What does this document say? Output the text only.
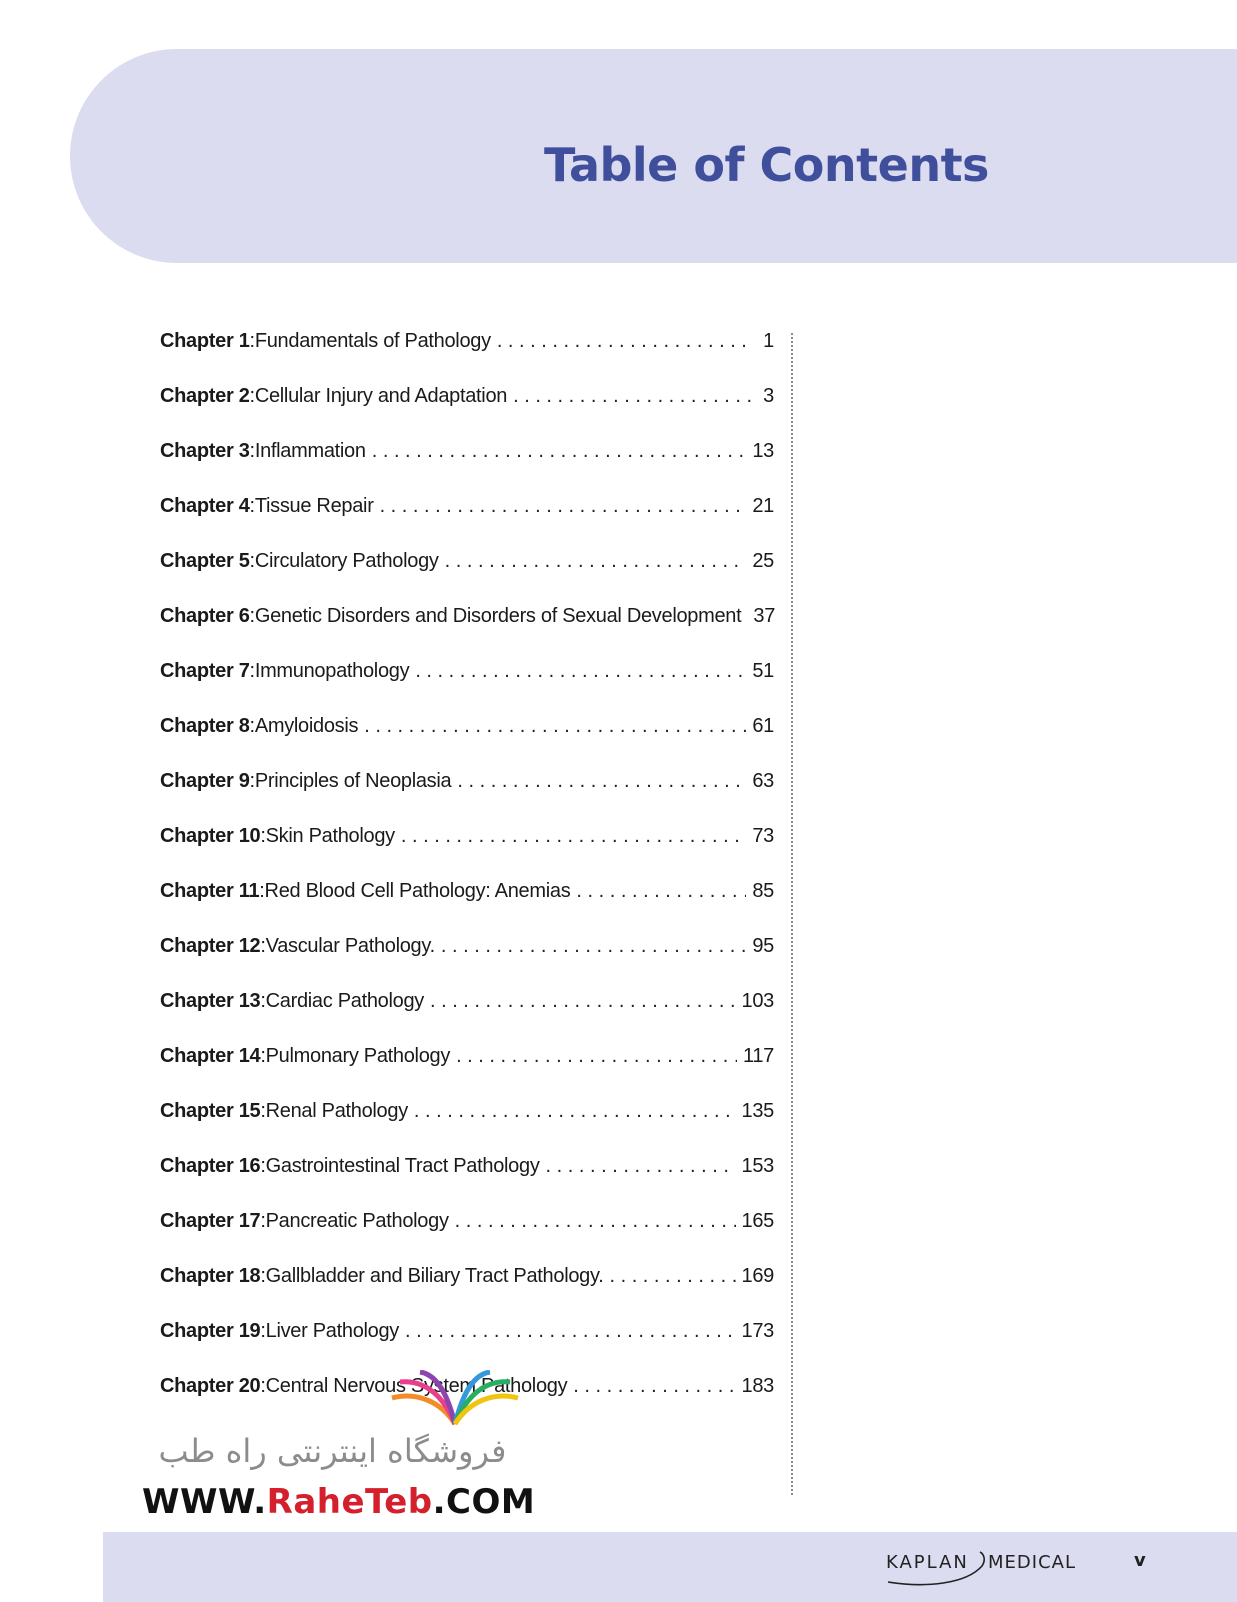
Table of Contents
Chapter 1 : Fundamentals of Pathology . . .	1
Chapter 2 : Cellular Injury and Adaptation . . .	3
Chapter 3 : Inflammation . . .	13
Chapter 4 : Tissue Repair . . .	21
Chapter 5 : Circulatory Pathology . . .	25
Chapter 6 : Genetic Disorders and Disorders of Sexual Development 37
Chapter 7 : Immunopathology . . .	51
Chapter 8 : Amyloidosis . . .	61
Chapter 9 : Principles of Neoplasia . . .	63
Chapter 10 : Skin Pathology . . .	73
Chapter 11 : Red Blood Cell Pathology: Anemias . . .	85
Chapter 12 : Vascular Pathology. . . .	95
Chapter 13 : Cardiac Pathology . . .	103
Chapter 14 : Pulmonary Pathology . . .	117
Chapter 15 : Renal Pathology . . .	135
Chapter 16 : Gastrointestinal Tract Pathology . . .	153
Chapter 17 : Pancreatic Pathology . . .	165
Chapter 18 : Gallbladder and Biliary Tract Pathology. . . .	169
Chapter 19 : Liver Pathology . . .	173
Chapter 20 : Central Nervous System Pathology . . .	183
فروشگاه اینترنتی راه طب
WWW.RaheTeb.COM
KAPLAN MEDICAL	v
